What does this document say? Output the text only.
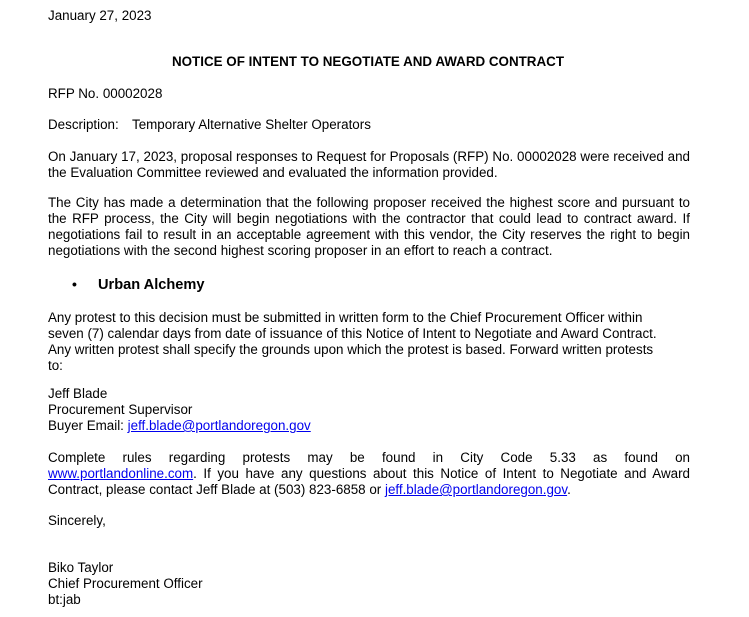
January 27, 2023
NOTICE OF INTENT TO NEGOTIATE AND AWARD CONTRACT
RFP No. 00002028
Description: Temporary Alternative Shelter Operators
On January 17, 2023, proposal responses to Request for Proposals (RFP) No. 00002028 were received and the Evaluation Committee reviewed and evaluated the information provided.
The City has made a determination that the following proposer received the highest score and pursuant to the RFP process, the City will begin negotiations with the contractor that could lead to contract award. If negotiations fail to result in an acceptable agreement with this vendor, the City reserves the right to begin negotiations with the second highest scoring proposer in an effort to reach a contract.
• Urban Alchemy
Any protest to this decision must be submitted in written form to the Chief Procurement Officer within seven (7) calendar days from date of issuance of this Notice of Intent to Negotiate and Award Contract. Any written protest shall specify the grounds upon which the protest is based. Forward written protests to:
Jeff Blade
Procurement Supervisor
Buyer Email: jeff.blade@portlandoregon.gov
Complete rules regarding protests may be found in City Code 5.33 as found on
www.portlandonline.com. If you have any questions about this Notice of Intent to Negotiate and Award Contract, please contact Jeff Blade at (503) 823-6858 or jeff.blade@portlandoregon.gov.
Sincerely,
Biko Taylor
Chief Procurement Officer
bt:jab
